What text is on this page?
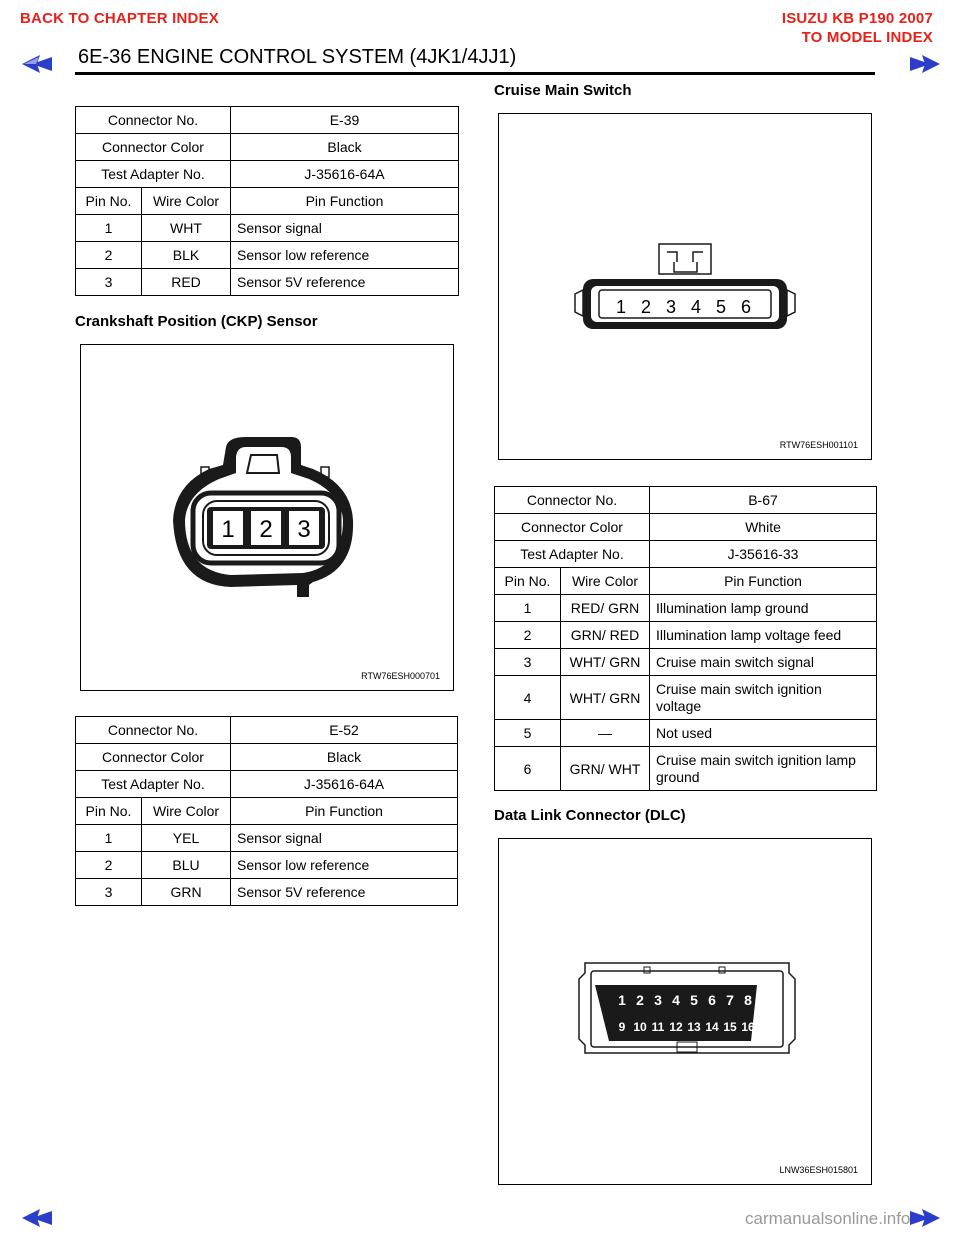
BACK TO CHAPTER INDEX	ISUZU KB P190 2007
TO MODEL INDEX
6E-36 ENGINE CONTROL SYSTEM (4JK1/4JJ1)
Connector No.		E-39
Connector Color		Black
Test Adapter No.		J-35616-64A
Pin No.	Wire Color	Pin Function
1	WHT	Sensor signal
2	BLK	Sensor low reference
3	RED	Sensor 5V reference
Crankshaft Position (CKP) Sensor
1 2 3
RTW76ESH000701
Connector No.		E-52
Connector Color		Black
Test Adapter No.		J-35616-64A
Pin No.	Wire Color	Pin Function
1	YEL	Sensor signal
2	BLU	Sensor low reference
3	GRN	Sensor 5V reference
Cruise Main Switch
1 2 3 4 5 6
RTW76ESH001101
Connector No.		B-67
Connector Color		White
Test Adapter No.		J-35616-33
Pin No.	Wire Color	Pin Function
1	RED/ GRN	Illumination lamp ground
2	GRN/ RED	Illumination lamp voltage feed
3	WHT/ GRN	Cruise main switch signal
4	WHT/ GRN	Cruise main switch ignition voltage
5	—	Not used
6	GRN/ WHT	Cruise main switch ignition lamp ground
Data Link Connector (DLC)
1 2 3 4 5 6 7 8
9 10 11 12 13 14 15 16
LNW36ESH015801
carmanualsonline.info
